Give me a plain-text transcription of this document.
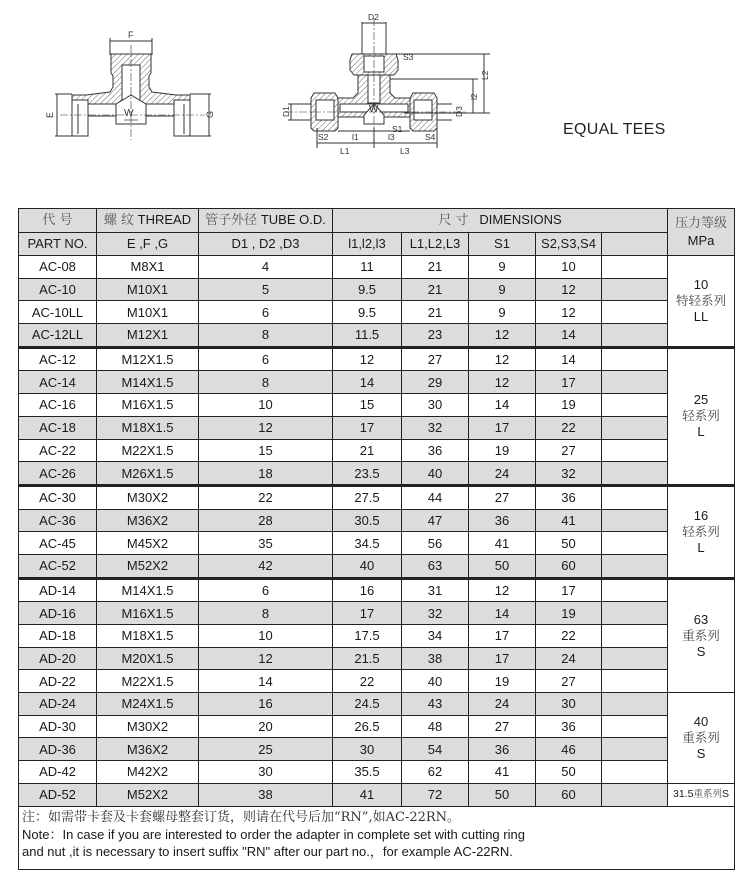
F
E	G
W
D2
S3
L2
l2
D1	D3
S1
S2	S4
l1	l3
L1	L3
W
EQUAL TEES
代 号	螺 纹 THREAD	管子外径 TUBE O.D.	尺 寸 DIMENSIONS					压力等级
MPa

PART NO.	E ,F ,G	D1 , D2 ,D3	l1,l2,l3	L1,L2,L3	S1	S2,S3,S4		
AC-08	M8X1	4	11	21	9	10		10
特轻系列
LL

AC-10	M10X1	5	9.5	21	9	12		
AC-10LL	M10X1	6	9.5	21	9	12		
AC-12LL	M12X1	8	11.5	23	12	14		
AC-12	M12X1.5	6	12	27	12	14		25
轻系列
L

AC-14	M14X1.5	8	14	29	12	17		
AC-16	M16X1.5	10	15	30	14	19		
AC-18	M18X1.5	12	17	32	17	22		
AC-22	M22X1.5	15	21	36	19	27		
AC-26	M26X1.5	18	23.5	40	24	32		
AC-30	M30X2	22	27.5	44	27	36		16
轻系列
L

AC-36	M36X2	28	30.5	47	36	41		
AC-45	M45X2	35	34.5	56	41	50		
AC-52	M52X2	42	40	63	50	60		
AD-14	M14X1.5	6	16	31	12	17		63
重系列
S

AD-16	M16X1.5	8	17	32	14	19		
AD-18	M18X1.5	10	17.5	34	17	22		
AD-20	M20X1.5	12	21.5	38	17	24		
AD-22	M22X1.5	14	22	40	19	27		
AD-24	M24X1.5	16	24.5	43	24	30		40
重系列
S

AD-30	M30X2	20	26.5	48	27	36		
AD-36	M36X2	25	30	54	36	46		
AD-42	M42X2	30	35.5	62	41	50		
AD-52	M52X2	38	41	72	50	60		31.5重系列S

注：如需带卡套及卡套螺母整套订货，则请在代号后加“RN”,如AC-22RN。
Note：In case if you are interested to order the adapter in complete set with cutting ring
and nut ,it is necessary to insert suffix "RN" after our part no.，for example AC-22RN.								
